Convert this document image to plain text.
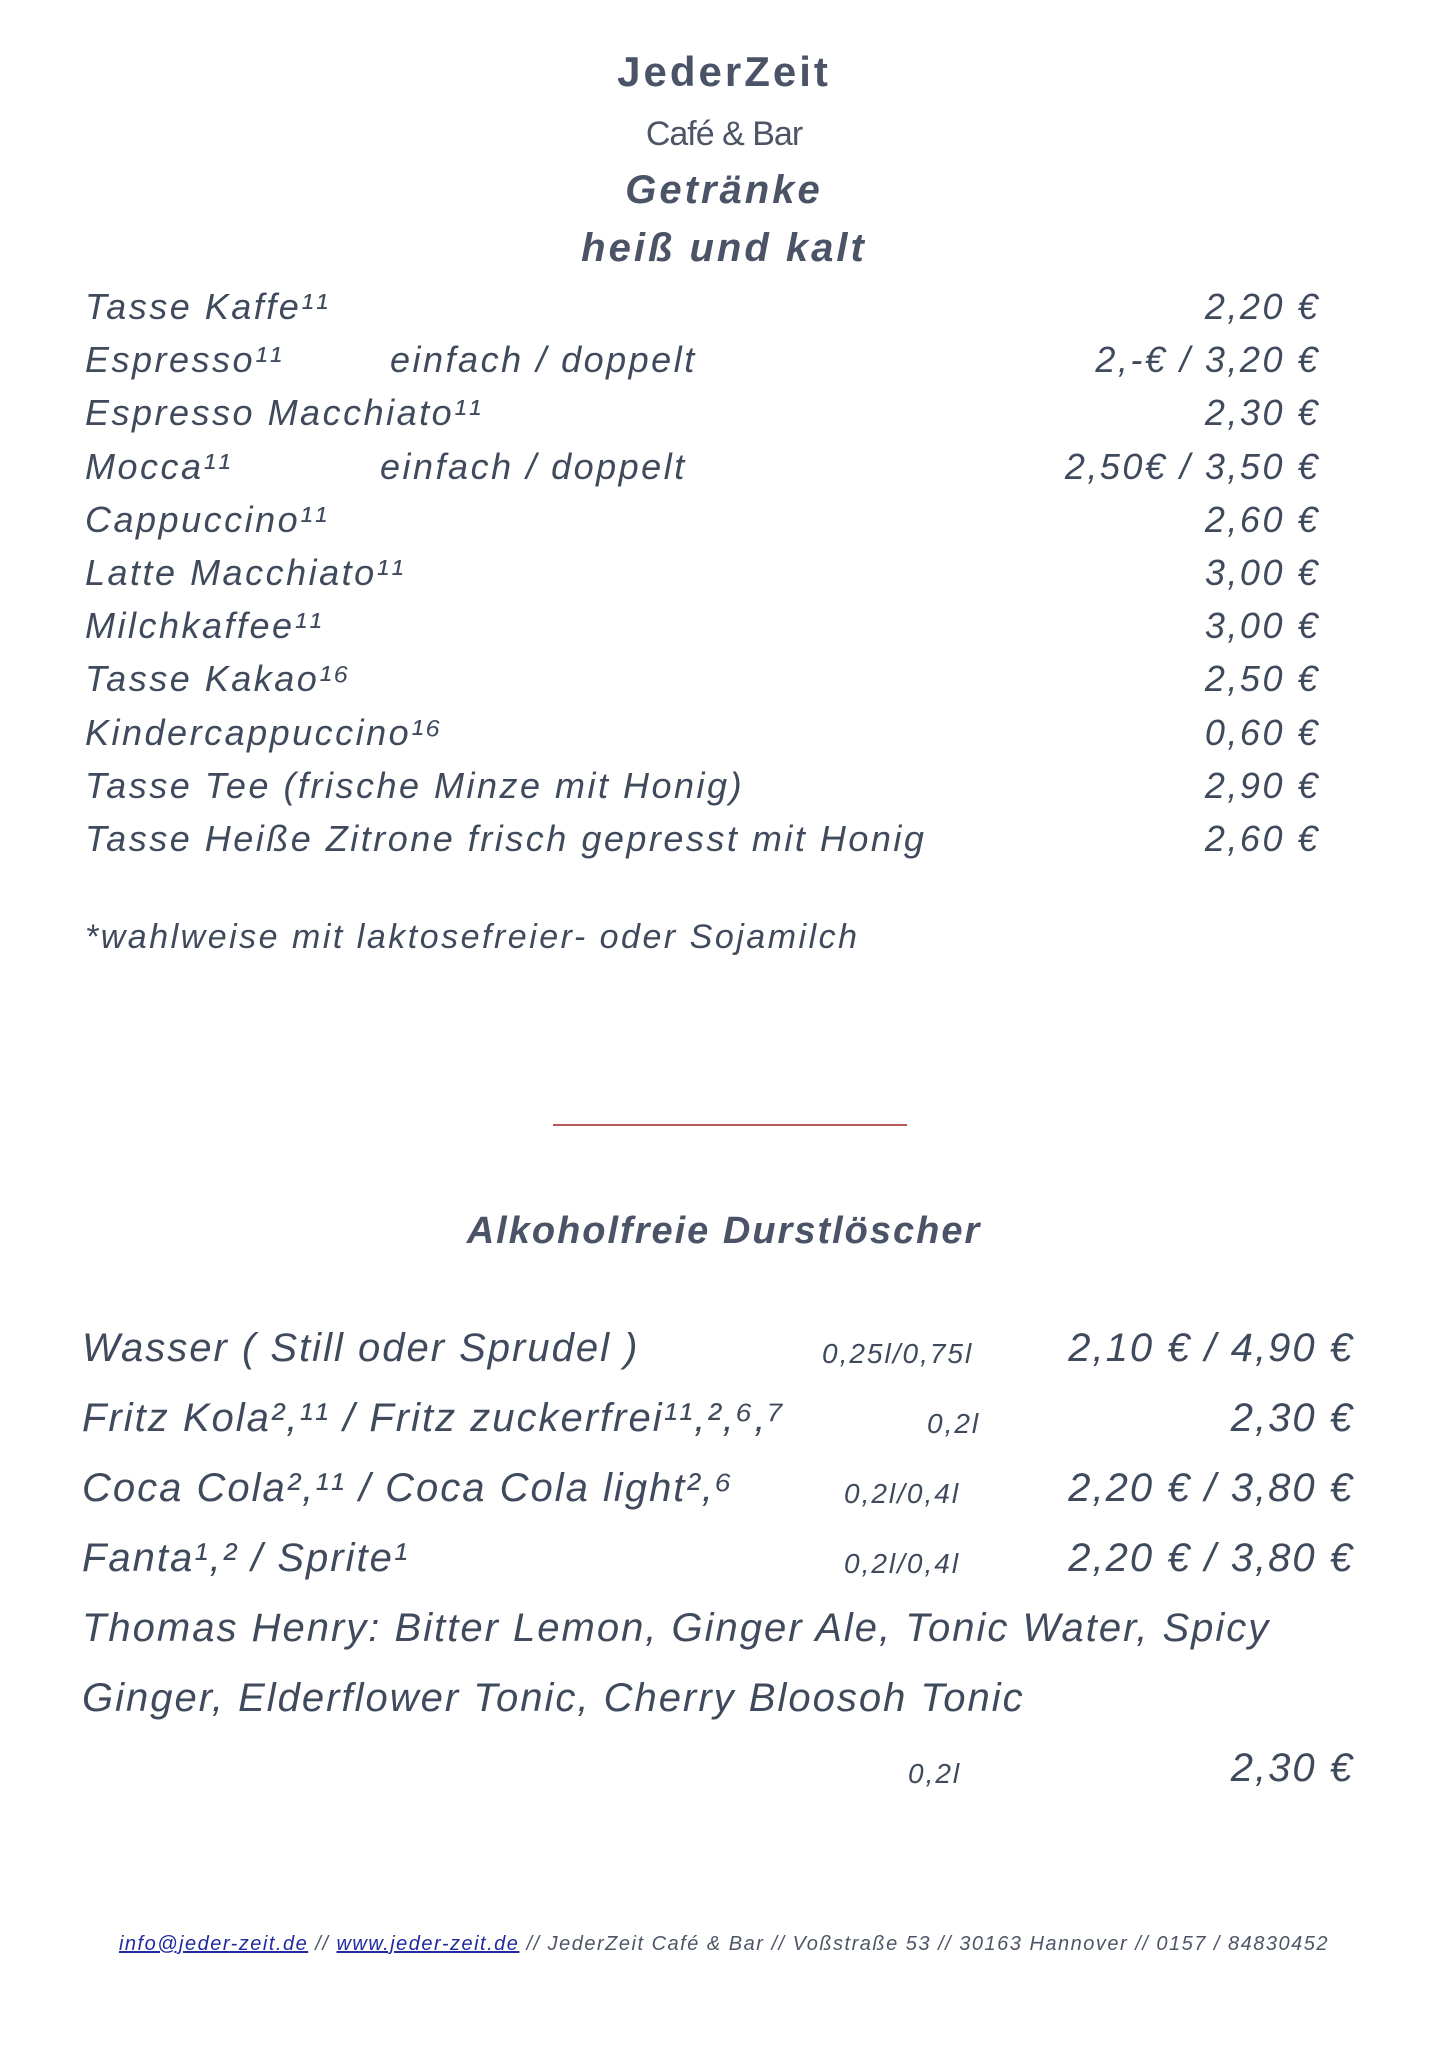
JederZeit
Café & Bar
Getränke
heiß und kalt
Tasse Kaffe¹¹	2,20 €
Espresso¹¹	einfach / doppelt	2,-€ / 3,20 €
Espresso Macchiato¹¹	2,30 €
Mocca¹¹	einfach / doppelt	2,50€ / 3,50 €
Cappuccino¹¹	2,60 €
Latte Macchiato¹¹	3,00 €
Milchkaffee¹¹	3,00 €
Tasse Kakao¹⁶	2,50 €
Kindercappuccino¹⁶	0,60 €
Tasse Tee (frische Minze mit Honig)	2,90 €
Tasse Heiße Zitrone frisch gepresst mit Honig	2,60 €
*wahlweise mit laktosefreier- oder Sojamilch
Alkoholfreie Durstlöscher
Wasser ( Still oder Sprudel )	0,25l/0,75l 2,10 € / 4,90 €
Fritz Kola²,¹¹ / Fritz zuckerfrei¹¹,²,⁶,⁷	0,2l	2,30 €
Coca Cola²,¹¹ / Coca Cola light²,⁶	0,2l/0,4l	2,20 € / 3,80 €
Fanta¹,² / Sprite¹	0,2l/0,4l	2,20 € / 3,80 €
Thomas Henry: Bitter Lemon, Ginger Ale, Tonic Water, Spicy
Ginger, Elderflower Tonic, Cherry Bloosoh Tonic
0,2l	2,30 €
info@jeder-zeit.de // www.jeder-zeit.de // JederZeit Café & Bar // Voßstraße 53 // 30163 Hannover // 0157 / 84830452
